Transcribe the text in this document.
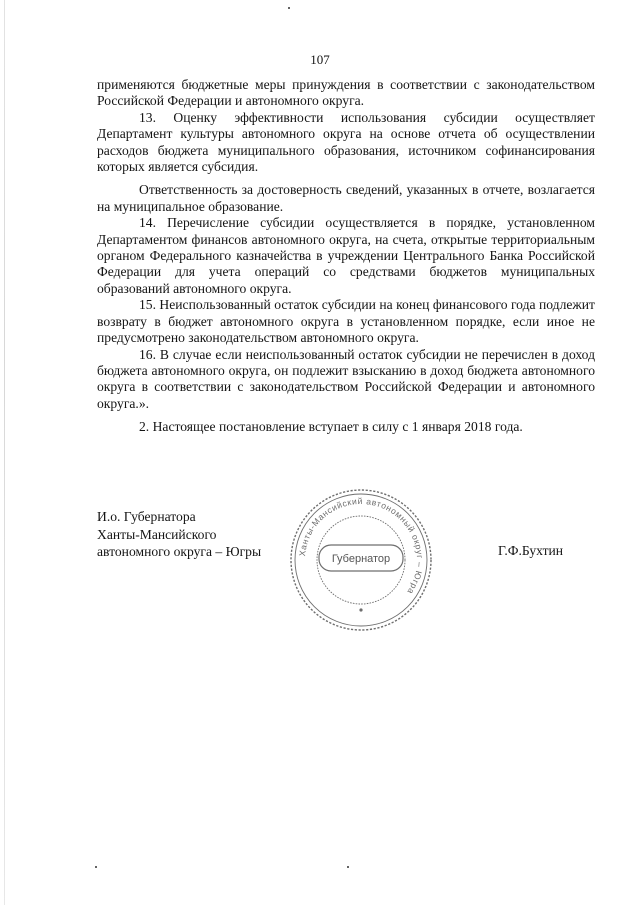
107

применяются бюджетные меры принуждения в соответствии с законодательством Российской Федерации и автономного округа.

13. Оценку эффективности использования субсидии осуществляет Департамент культуры автономного округа на основе отчета об осуществлении расходов бюджета муниципального образования, источником софинансирования которых является субсидия.

Ответственность за достоверность сведений, указанных в отчете, возлагается на муниципальное образование.

14. Перечисление субсидии осуществляется в порядке, установленном Департаментом финансов автономного округа, на счета, открытые территориальным органом Федерального казначейства в учреждении Центрального Банка Российской Федерации для учета операций со средствами бюджетов муниципальных образований автономного округа.

15. Неиспользованный остаток субсидии на конец финансового года подлежит возврату в бюджет автономного округа в установленном порядке, если иное не предусмотрено законодательством автономного округа.

16. В случае если неиспользованный остаток субсидии не перечислен в доход бюджета автономного округа, он подлежит взысканию в доход бюджета автономного округа в соответствии с законодательством Российской Федерации и автономного округа.».

2. Настоящее постановление вступает в силу с 1 января 2018 года.

И.о. Губернатора
Ханты-Мансийского
автономного округа – Югры	Ханты-Мансийский автономный округ – Югра
Губернатор
Г.Ф.Бухтин
